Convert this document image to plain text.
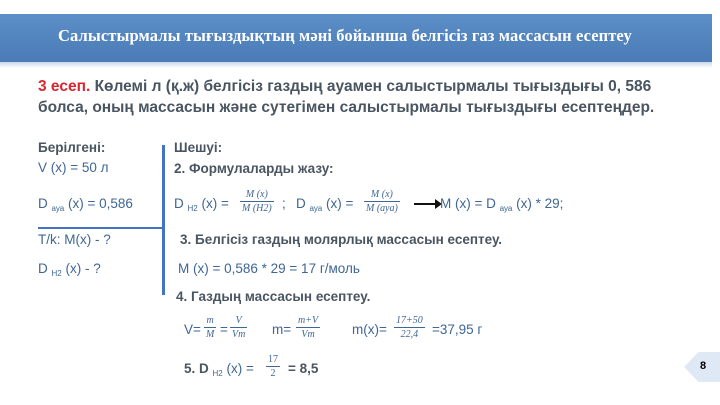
Салыстырмалы тығыздықтың мәні бойынша белгісіз газ массасын есептеу
3 есеп. Көлемі л (қ.ж) белгісіз газдың ауамен салыстырмалы тығыздығы 0, 586 болса, оның массасын және сутегімен салыстырмалы тығыздығы есептеңдер.
Берілгені:
V (x) = 50 л
D $_{ауа}$ (x) = 0,586
Т/k: M(x) - ?
D $_{H2}$ (x) - ?
Шешуі:
2. Формулаларды жазу:
D $_{H2}$ (x) =
M (x)
M (H2) ; D $_{ауа}$ (x) =
M (x)
M (ауа)	M (x) = D $_{ауа}$ (x) * 29;
3. Белгісіз газдың молярлық массасын есептеу.
M (x) = 0,586 * 29 = 17 г/моль
4. Газдың массасын есептеу.
V=
m
M =
V
Vm m=
m+V
Vm	m(x)=
17+50
22,4 =37,95 г
5. D $_{H2}$ (x) =
17
2 = 8,5	8
